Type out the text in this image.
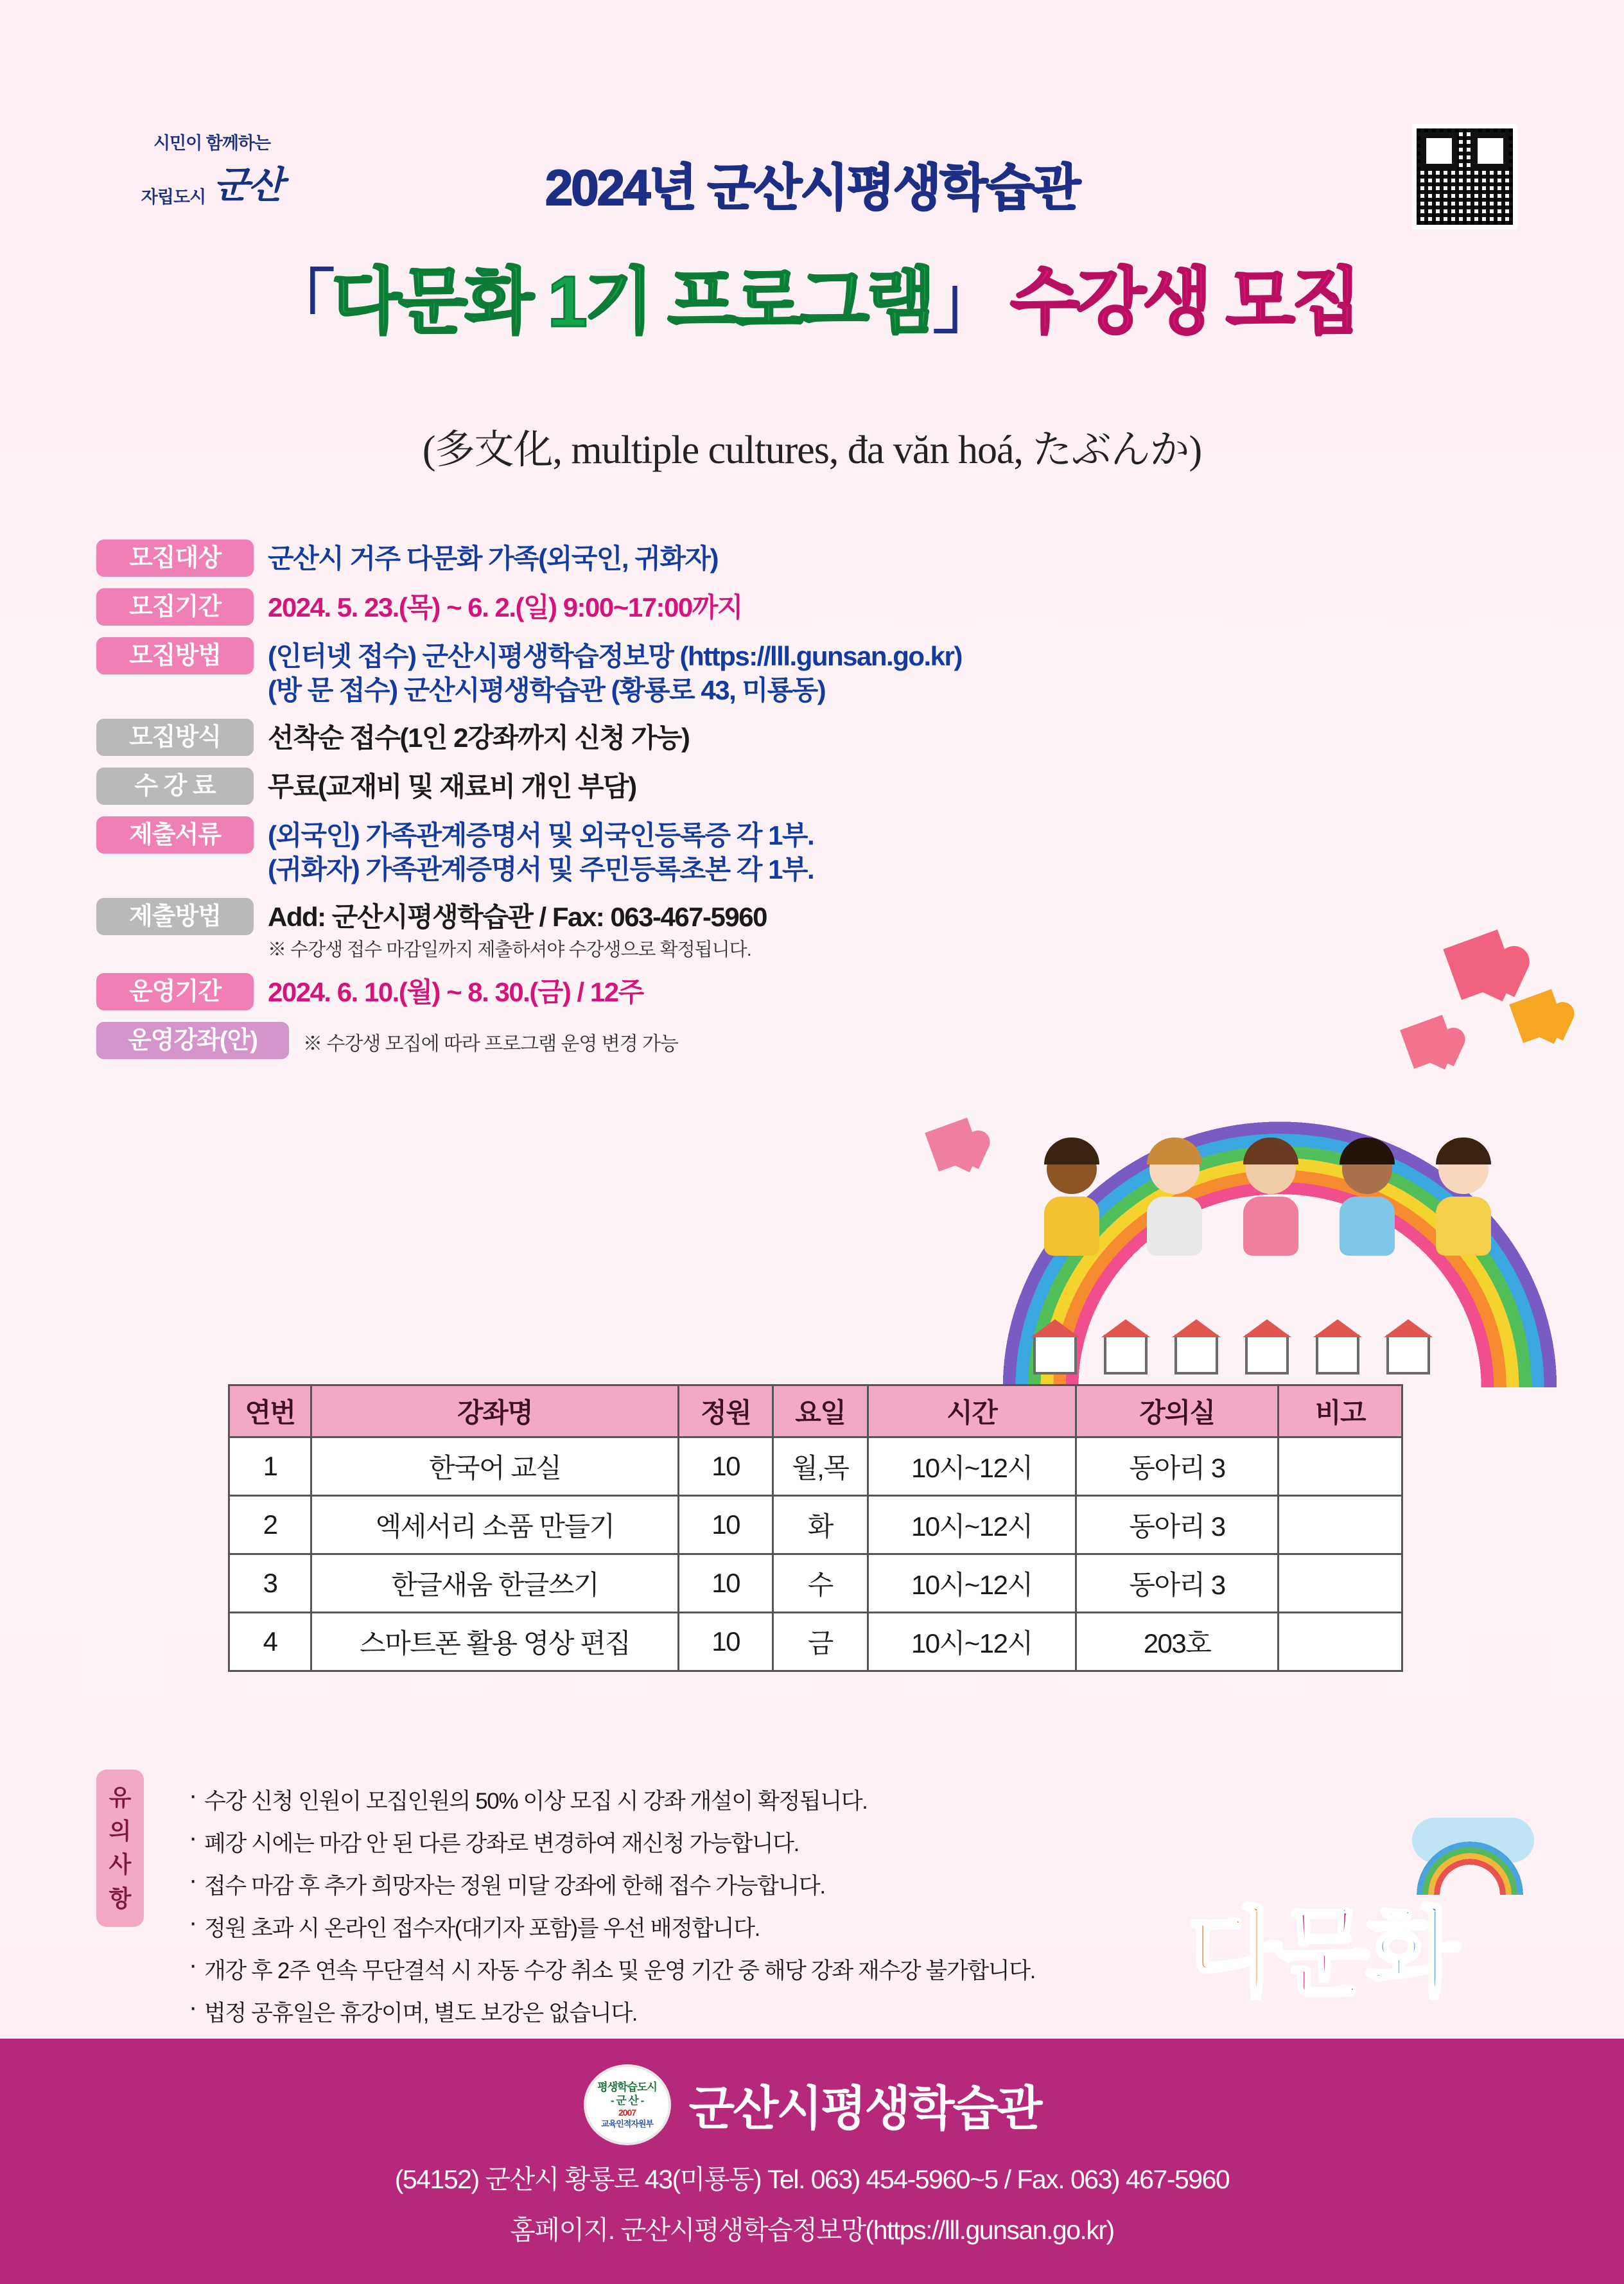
시민이 함께하는
자립도시 군산	2024년 군산시평생학습관
「다문화 1기 프로그램」 수강생 모집
(多文化, multiple cultures, đa văn hoá, たぶんか)
모집대상	군산시 거주 다문화 가족(외국인, 귀화자)
모집기간	2024. 5. 23.(목) ~ 6. 2.(일) 9:00~17:00까지
모집방법	(인터넷 접수) 군산시평생학습정보망 (https://lll.gunsan.go.kr)
(방 문 접수) 군산시평생학습관 (황룡로 43, 미룡동)
모집방식	선착순 접수(1인 2강좌까지 신청 가능)
수 강 료	무료(교재비 및 재료비 개인 부담)
제출서류	(외국인) 가족관계증명서 및 외국인등록증 각 1부.
(귀화자) 가족관계증명서 및 주민등록초본 각 1부.
제출방법	Add: 군산시평생학습관 / Fax: 063-467-5960
※ 수강생 접수 마감일까지 제출하셔야 수강생으로 확정됩니다.
운영기간	2024. 6. 10.(월) ~ 8. 30.(금) / 12주
운영강좌(안)	※ 수강생 모집에 따라 프로그램 운영 변경 가능
연번	강좌명	정원	요일	시간	강의실	비고
1	한국어 교실	10	월,목	10시~12시	동아리 3	
2	엑세서리 소품 만들기	10	화	10시~12시	동아리 3	
3	한글새움 한글쓰기	10	수	10시~12시	동아리 3	
4	스마트폰 활용 영상 편집	10	금	10시~12시	203호	
유의사항
· 수강 신청 인원이 모집인원의 50% 이상 모집 시 강좌 개설이 확정됩니다.
· 폐강 시에는 마감 안 된 다른 강좌로 변경하여 재신청 가능합니다.
· 접수 마감 후 추가 희망자는 정원 미달 강좌에 한해 접수 가능합니다.
· 정원 초과 시 온라인 접수자(대기자 포함)를 우선 배정합니다.
· 개강 후 2주 연속 무단결석 시 자동 수강 취소 및 운영 기간 중 해당 강좌 재수강 불가합니다.
· 법정 공휴일은 휴강이며, 별도 보강은 없습니다.
다문화
평생학습도시
- 군 산 -
2007
교육인적자원부 군산시평생학습관
(54152) 군산시 황룡로 43(미룡동) Tel. 063) 454-5960~5 / Fax. 063) 467-5960
홈페이지. 군산시평생학습정보망(https://lll.gunsan.go.kr)
